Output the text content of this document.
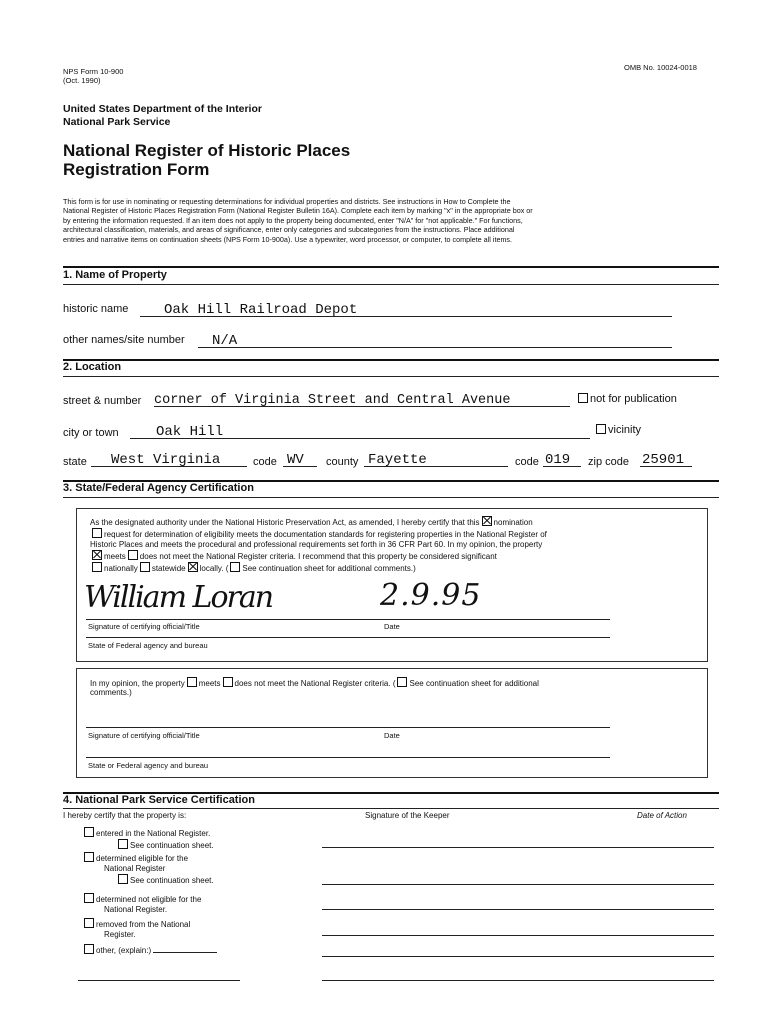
NPS Form 10-900
(Oct. 1990)
OMB No. 10024-0018
United States Department of the Interior
National Park Service
National Register of Historic Places
Registration Form
This form is for use in nominating or requesting determinations for individual properties and districts. See instructions in How to Complete the
National Register of Historic Places Registration Form (National Register Bulletin 16A). Complete each item by marking "x" in the appropriate box or
by entering the information requested. If an item does not apply to the property being documented, enter "N/A" for "not applicable." For functions,
architectural classification, materials, and areas of significance, enter only categories and subcategories from the instructions. Place additional
entries and narrative items on continuation sheets (NPS Form 10-900a). Use a typewriter, word processor, or computer, to complete all items.
1. Name of Property
historic name	Oak Hill Railroad Depot
other names/site number	N/A
2. Location
street & number corner of Virginia Street and Central Avenue	not for publication
city or town	Oak Hill	vicinity
state	West Virginia	code WV	county Fayette	code 019	zip code 25901
3. State/Federal Agency Certification
As the designated authority under the National Historic Preservation Act, as amended, I hereby certify that this nomination
request for determination of eligibility meets the documentation standards for registering properties in the National Register of
Historic Places and meets the procedural and professional requirements set forth in 36 CFR Part 60. In my opinion, the property
meets does not meet the National Register criteria. I recommend that this property be considered significant
nationally statewide locally. ( See continuation sheet for additional comments.)
William Loran	2.9.95
Signature of certifying official/Title	Date
State of Federal agency and bureau
In my opinion, the property meets does not meet the National Register criteria. ( See continuation sheet for additional
comments.)
Signature of certifying official/Title	Date
State or Federal agency and bureau
4. National Park Service Certification
I hereby certify that the property is:	Signature of the Keeper	Date of Action
entered in the National Register.
See continuation sheet.
determined eligible for the
National Register
See continuation sheet.
determined not eligible for the
National Register.
removed from the National
Register.
other, (explain:)
